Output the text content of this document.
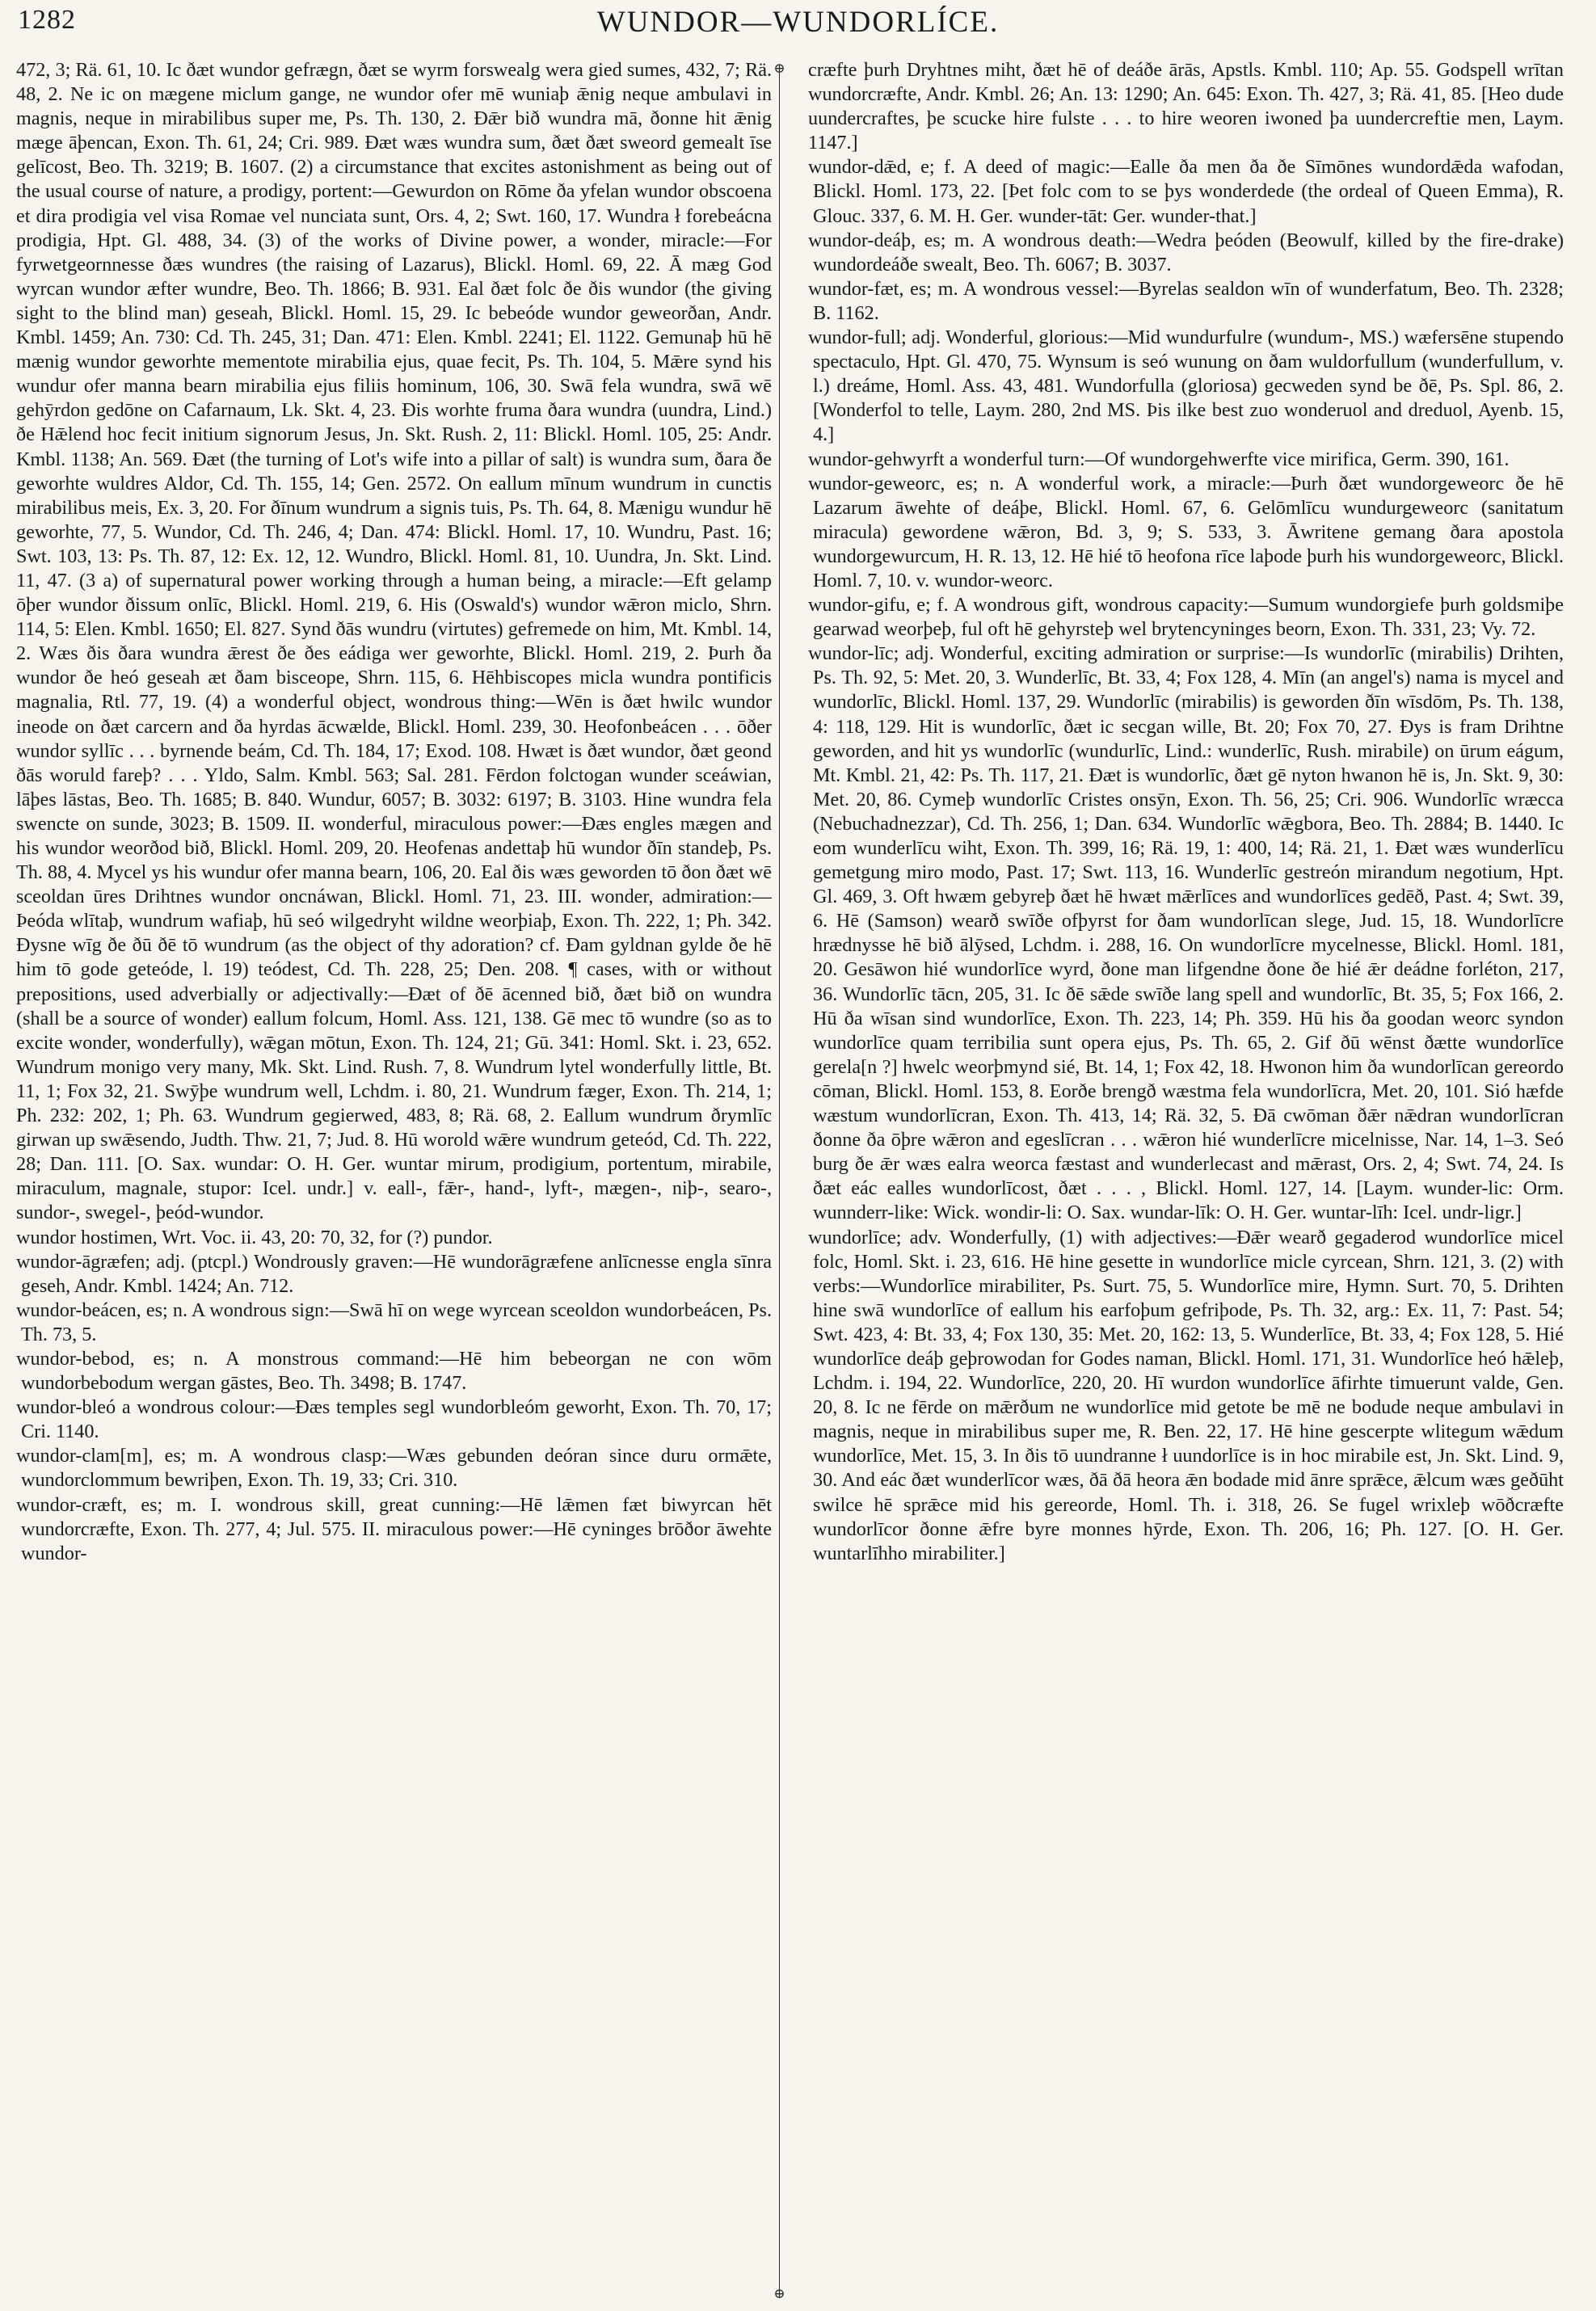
1282	WUNDOR—WUNDORLÍCE.
⊕
⊕

472, 3; Rä. 61, 10. Ic ðæt wundor gefrægn, ðæt se wyrm forswealg wera gied sumes, 432, 7; Rä. 48, 2. Ne ic on mægene miclum gange, ne wundor ofer mē wuniaþ ǣnig neque ambulavi in magnis, neque in mirabilibus super me, Ps. Th. 130, 2. Ðǣr bið wundra mā, ðonne hit ǣnig mæge āþencan, Exon. Th. 61, 24; Cri. 989. Ðæt wæs wundra sum, ðæt ðæt sweord gemealt īse gelīcost, Beo. Th. 3219; B. 1607. (2) a circumstance that excites astonishment as being out of the usual course of nature, a prodigy, portent:—Gewurdon on Rōme ða yfelan wundor obscoena et dira prodigia vel visa Romae vel nunciata sunt, Ors. 4, 2; Swt. 160, 17. Wundra ł forebeácna prodigia, Hpt. Gl. 488, 34. (3) of the works of Divine power, a wonder, miracle:—For fyrwetgeornnesse ðæs wundres (the raising of Lazarus), Blickl. Homl. 69, 22. Ā mæg God wyrcan wundor æfter wundre, Beo. Th. 1866; B. 931. Eal ðæt folc ðe ðis wundor (the giving sight to the blind man) geseah, Blickl. Homl. 15, 29. Ic bebeóde wundor geweorðan, Andr. Kmbl. 1459; An. 730: Cd. Th. 245, 31; Dan. 471: Elen. Kmbl. 2241; El. 1122. Gemunaþ hū hē mænig wundor geworhte mementote mirabilia ejus, quae fecit, Ps. Th. 104, 5. Mǣre synd his wundur ofer manna bearn mirabilia ejus filiis hominum, 106, 30. Swā fela wundra, swā wē gehȳrdon gedōne on Cafarnaum, Lk. Skt. 4, 23. Ðis worhte fruma ðara wundra (uundra, Lind.) ðe Hǣlend hoc fecit initium signorum Jesus, Jn. Skt. Rush. 2, 11: Blickl. Homl. 105, 25: Andr. Kmbl. 1138; An. 569. Ðæt (the turning of Lot's wife into a pillar of salt) is wundra sum, ðara ðe geworhte wuldres Aldor, Cd. Th. 155, 14; Gen. 2572. On eallum mīnum wundrum in cunctis mirabilibus meis, Ex. 3, 20. For ðīnum wundrum a signis tuis, Ps. Th. 64, 8. Mænigu wundur hē geworhte, 77, 5. Wundor, Cd. Th. 246, 4; Dan. 474: Blickl. Homl. 17, 10. Wundru, Past. 16; Swt. 103, 13: Ps. Th. 87, 12: Ex. 12, 12. Wundro, Blickl. Homl. 81, 10. Uundra, Jn. Skt. Lind. 11, 47. (3 a) of supernatural power working through a human being, a miracle:—Eft gelamp ōþer wundor ðissum onlīc, Blickl. Homl. 219, 6. His (Oswald's) wundor wǣron miclo, Shrn. 114, 5: Elen. Kmbl. 1650; El. 827. Synd ðās wundru (virtutes) gefremede on him, Mt. Kmbl. 14, 2. Wæs ðis ðara wundra ǣrest ðe ðes eádiga wer geworhte, Blickl. Homl. 219, 2. Þurh ða wundor ðe heó geseah æt ðam bisceope, Shrn. 115, 6. Hēhbiscopes micla wundra pontificis magnalia, Rtl. 77, 19. (4) a wonderful object, wondrous thing:—Wēn is ðæt hwilc wundor ineode on ðæt carcern and ða hyrdas ācwælde, Blickl. Homl. 239, 30. Heofonbeácen . . . ōðer wundor syllīc . . . byrnende beám, Cd. Th. 184, 17; Exod. 108. Hwæt is ðæt wundor, ðæt geond ðās woruld fareþ? . . . Yldo, Salm. Kmbl. 563; Sal. 281. Fērdon folctogan wunder sceáwian, lāþes lāstas, Beo. Th. 1685; B. 840. Wundur, 6057; B. 3032: 6197; B. 3103. Hine wundra fela swencte on sunde, 3023; B. 1509. II. wonderful, miraculous power:—Ðæs engles mægen and his wundor weorðod bið, Blickl. Homl. 209, 20. Heofenas andettaþ hū wundor ðīn standeþ, Ps. Th. 88, 4. Mycel ys his wundur ofer manna bearn, 106, 20. Eal ðis wæs geworden tō ðon ðæt wē sceoldan ūres Drihtnes wundor oncnáwan, Blickl. Homl. 71, 23. III. wonder, admiration:—Þeóda wlītaþ, wundrum wafiaþ, hū seó wilgedryht wildne weorþiaþ, Exon. Th. 222, 1; Ph. 342. Ðysne wīg ðe ðū ðē tō wundrum (as the object of thy adoration? cf. Ðam gyldnan gylde ðe hē him tō gode geteóde, l. 19) teódest, Cd. Th. 228, 25; Den. 208. ¶ cases, with or without prepositions, used adverbially or adjectivally:—Ðæt of ðē ācenned bið, ðæt bið on wundra (shall be a source of wonder) eallum folcum, Homl. Ass. 121, 138. Gē mec tō wundre (so as to excite wonder, wonderfully), wǣgan mōtun, Exon. Th. 124, 21; Gū. 341: Homl. Skt. i. 23, 652. Wundrum monigo very many, Mk. Skt. Lind. Rush. 7, 8. Wundrum lytel wonderfully little, Bt. 11, 1; Fox 32, 21. Swȳþe wundrum well, Lchdm. i. 80, 21. Wundrum fæger, Exon. Th. 214, 1; Ph. 232: 202, 1; Ph. 63. Wundrum gegierwed, 483, 8; Rä. 68, 2. Eallum wundrum ðrymlīc girwan up swǣsendo, Judth. Thw. 21, 7; Jud. 8. Hū worold wǣre wundrum geteód, Cd. Th. 222, 28; Dan. 111. [O. Sax. wundar: O. H. Ger. wuntar mirum, prodigium, portentum, mirabile, miraculum, magnale, stupor: Icel. undr.] v. eall-, fǣr-, hand-, lyft-, mægen-, niþ-, searo-, sundor-, swegel-, þeód-wundor.

wundor hostimen, Wrt. Voc. ii. 43, 20: 70, 32, for (?) pundor.

wundor-āgræfen; adj. (ptcpl.) Wondrously graven:—Hē wundorāgræfene anlīcnesse engla sīnra geseh, Andr. Kmbl. 1424; An. 712.

wundor-beácen, es; n. A wondrous sign:—Swā hī on wege wyrcean sceoldon wundorbeácen, Ps. Th. 73, 5.

wundor-bebod, es; n. A monstrous command:—Hē him bebeorgan ne con wōm wundorbebodum wergan gāstes, Beo. Th. 3498; B. 1747.

wundor-bleó a wondrous colour:—Ðæs temples segl wundorbleóm geworht, Exon. Th. 70, 17; Cri. 1140.

wundor-clam[m], es; m. A wondrous clasp:—Wæs gebunden deóran since duru ormǣte, wundorclommum bewriþen, Exon. Th. 19, 33; Cri. 310.

wundor-cræft, es; m. I. wondrous skill, great cunning:—Hē lǣmen fæt biwyrcan hēt wundorcræfte, Exon. Th. 277, 4; Jul. 575. II. miraculous power:—Hē cyninges brōðor āwehte wundor-

cræfte þurh Dryhtnes miht, ðæt hē of deáðe ārās, Apstls. Kmbl. 110; Ap. 55. Godspell wrītan wundorcræfte, Andr. Kmbl. 26; An. 13: 1290; An. 645: Exon. Th. 427, 3; Rä. 41, 85. [Heo dude uundercraftes, þe scucke hire fulste . . . to hire weoren iwoned þa uundercreftie men, Laym. 1147.]

wundor-dǣd, e; f. A deed of magic:—Ealle ða men ða ðe Sīmōnes wundordǣda wafodan, Blickl. Homl. 173, 22. [Þet folc com to se þys wonderdede (the ordeal of Queen Emma), R. Glouc. 337, 6. M. H. Ger. wunder-tāt: Ger. wunder-that.]

wundor-deáþ, es; m. A wondrous death:—Wedra þeóden (Beowulf, killed by the fire-drake) wundordeáðe swealt, Beo. Th. 6067; B. 3037.

wundor-fæt, es; m. A wondrous vessel:—Byrelas sealdon wīn of wunderfatum, Beo. Th. 2328; B. 1162.

wundor-full; adj. Wonderful, glorious:—Mid wundurfulre (wundum-, MS.) wæfersēne stupendo spectaculo, Hpt. Gl. 470, 75. Wynsum is seó wunung on ðam wuldorfullum (wunderfullum, v. l.) dreáme, Homl. Ass. 43, 481. Wundorfulla (gloriosa) gecweden synd be ðē, Ps. Spl. 86, 2. [Wonderfol to telle, Laym. 280, 2nd MS. Þis ilke best zuo wonderuol and dreduol, Ayenb. 15, 4.]

wundor-gehwyrft a wonderful turn:—Of wundorgehwerfte vice mirifica, Germ. 390, 161.

wundor-geweorc, es; n. A wonderful work, a miracle:—Þurh ðæt wundorgeweorc ðe hē Lazarum āwehte of deáþe, Blickl. Homl. 67, 6. Gelōmlīcu wundurgeweorc (sanitatum miracula) gewordene wǣron, Bd. 3, 9; S. 533, 3. Āwritene gemang ðara apostola wundorgewurcum, H. R. 13, 12. Hē hié tō heofona rīce laþode þurh his wundorgeweorc, Blickl. Homl. 7, 10. v. wundor-weorc.

wundor-gifu, e; f. A wondrous gift, wondrous capacity:—Sumum wundorgiefe þurh goldsmiþe gearwad weorþeþ, ful oft hē gehyrsteþ wel brytencyninges beorn, Exon. Th. 331, 23; Vy. 72.

wundor-līc; adj. Wonderful, exciting admiration or surprise:—Is wundorlīc (mirabilis) Drihten, Ps. Th. 92, 5: Met. 20, 3. Wunderlīc, Bt. 33, 4; Fox 128, 4. Mīn (an angel's) nama is mycel and wundorlīc, Blickl. Homl. 137, 29. Wundorlīc (mirabilis) is geworden ðīn wīsdōm, Ps. Th. 138, 4: 118, 129. Hit is wundorlīc, ðæt ic secgan wille, Bt. 20; Fox 70, 27. Ðys is fram Drihtne geworden, and hit ys wundorlīc (wundurlīc, Lind.: wunderlīc, Rush. mirabile) on ūrum eágum, Mt. Kmbl. 21, 42: Ps. Th. 117, 21. Ðæt is wundorlīc, ðæt gē nyton hwanon hē is, Jn. Skt. 9, 30: Met. 20, 86. Cymeþ wundorlīc Cristes onsȳn, Exon. Th. 56, 25; Cri. 906. Wundorlīc wræcca (Nebuchadnezzar), Cd. Th. 256, 1; Dan. 634. Wundorlīc wǣgbora, Beo. Th. 2884; B. 1440. Ic eom wunderlīcu wiht, Exon. Th. 399, 16; Rä. 19, 1: 400, 14; Rä. 21, 1. Ðæt wæs wunderlīcu gemetgung miro modo, Past. 17; Swt. 113, 16. Wunderlīc gestreón mirandum negotium, Hpt. Gl. 469, 3. Oft hwæm gebyreþ ðæt hē hwæt mǣrlīces and wundorlīces gedēð, Past. 4; Swt. 39, 6. Hē (Samson) wearð swīðe ofþyrst for ðam wundorlīcan slege, Jud. 15, 18. Wundorlīcre hrædnysse hē bið ālȳsed, Lchdm. i. 288, 16. On wundorlīcre mycelnesse, Blickl. Homl. 181, 20. Gesāwon hié wundorlīce wyrd, ðone man lifgendne ðone ðe hié ǣr deádne forléton, 217, 36. Wundorlīc tācn, 205, 31. Ic ðē sǣde swīðe lang spell and wundorlīc, Bt. 35, 5; Fox 166, 2. Hū ða wīsan sind wundorlīce, Exon. Th. 223, 14; Ph. 359. Hū his ða goodan weorc syndon wundorlīce quam terribilia sunt opera ejus, Ps. Th. 65, 2. Gif ðū wēnst ðætte wundorlīce gerela[n ?] hwelc weorþmynd sié, Bt. 14, 1; Fox 42, 18. Hwonon him ða wundorlīcan gereordo cōman, Blickl. Homl. 153, 8. Eorðe brengð wæstma fela wundorlīcra, Met. 20, 101. Sió hæfde wæstum wundorlīcran, Exon. Th. 413, 14; Rä. 32, 5. Ðā cwōman ðǣr nǣdran wundorlīcran ðonne ða ōþre wǣron and egeslīcran . . . wǣron hié wunderlīcre micelnisse, Nar. 14, 1–3. Seó burg ðe ǣr wæs ealra weorca fæstast and wunderlecast and mǣrast, Ors. 2, 4; Swt. 74, 24. Is ðæt eác ealles wundorlīcost, ðæt . . . , Blickl. Homl. 127, 14. [Laym. wunder-lic: Orm. wunnderr-like: Wick. wondir-li: O. Sax. wundar-līk: O. H. Ger. wuntar-līh: Icel. undr-ligr.]

wundorlīce; adv. Wonderfully, (1) with adjectives:—Ðǣr wearð gegaderod wundorlīce micel folc, Homl. Skt. i. 23, 616. Hē hine gesette in wundorlīce micle cyrcean, Shrn. 121, 3. (2) with verbs:—Wundorlīce mirabiliter, Ps. Surt. 75, 5. Wundorlīce mire, Hymn. Surt. 70, 5. Drihten hine swā wundorlīce of eallum his earfoþum gefriþode, Ps. Th. 32, arg.: Ex. 11, 7: Past. 54; Swt. 423, 4: Bt. 33, 4; Fox 130, 35: Met. 20, 162: 13, 5. Wunderlīce, Bt. 33, 4; Fox 128, 5. Hié wundorlīce deáþ geþrowodan for Godes naman, Blickl. Homl. 171, 31. Wundorlīce heó hǣleþ, Lchdm. i. 194, 22. Wundorlīce, 220, 20. Hī wurdon wundorlīce āfirhte timuerunt valde, Gen. 20, 8. Ic ne fērde on mǣrðum ne wundorlīce mid getote be mē ne bodude neque ambulavi in magnis, neque in mirabilibus super me, R. Ben. 22, 17. Hē hine gescerpte wlitegum wǣdum wundorlīce, Met. 15, 3. In ðis tō uundranne ł uundorlīce is in hoc mirabile est, Jn. Skt. Lind. 9, 30. And eác ðæt wunderlīcor wæs, ðā ðā heora ǣn bodade mid ānre sprǣce, ǣlcum wæs geðūht swilce hē sprǣce mid his gereorde, Homl. Th. i. 318, 26. Se fugel wrixleþ wōðcræfte wundorlīcor ðonne ǣfre byre monnes hȳrde, Exon. Th. 206, 16; Ph. 127. [O. H. Ger. wuntarlīhho mirabiliter.]
